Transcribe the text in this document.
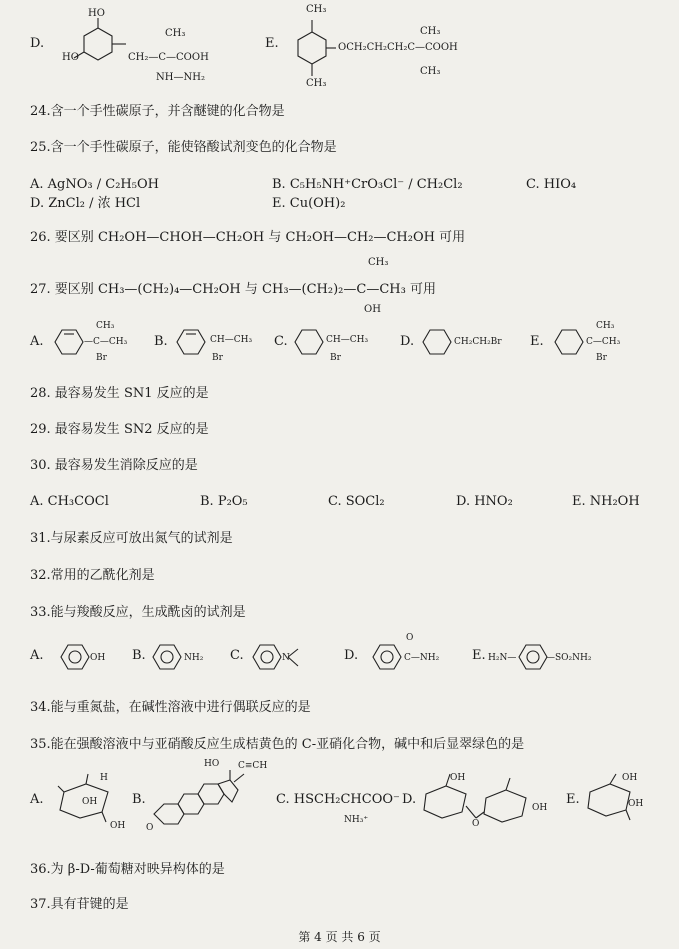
D.
HO
HO
CH₃
CH₂—C—COOH
NH—NH₂
E.
CH₃
CH₃
OCH₂CH₂CH₂C—COOH
CH₃
CH₃
24.含一个手性碳原子，并含醚键的化合物是
25.含一个手性碳原子，能使铬酸试剂变色的化合物是
A. AgNO₃ / C₂H₅OH	B. C₅H₅NH⁺CrO₃Cl⁻ / CH₂Cl₂	C. HIO₄
D. ZnCl₂ / 浓 HCl	E. Cu(OH)₂
26. 要区别 CH₂OH—CHOH—CH₂OH 与 CH₂OH—CH₂—CH₂OH 可用
CH₃
27. 要区别 CH₃—(CH₂)₄—CH₂OH 与 CH₃—(CH₂)₂—C—CH₃ 可用
OH
A.
CH₃
—C—CH₃
Br
B.	CH—CH₃
Br
C.	CH—CH₃
Br
D.	CH₂CH₂Br E.
CH₃
C—CH₃
Br
28. 最容易发生 SN1 反应的是
29. 最容易发生 SN2 反应的是
30. 最容易发生消除反应的是
A. CH₃COCl	B. P₂O₅	C. SOCl₂	D. HNO₂	E. NH₂OH
31.与尿素反应可放出氮气的试剂是
32.常用的乙酰化剂是
33.能与羧酸反应，生成酰卤的试剂是
A.	OH B.	NH₂ C.	N	D.
O
C—NH₂	E. H₂N—	—SO₂NH₂
34.能与重氮盐，在碱性溶液中进行偶联反应的是
35.能在强酸溶液中与亚硝酸反应生成桔黄色的 C-亚硝化合物，碱中和后显翠绿色的是
A.
H
OH
OH
B.
HO C≡CH
O
C. HSCH₂CHCOO⁻
NH₃⁺
D.
OH
OH
O
E.
OH
OH
36.为 β-D-葡萄糖对映异构体的是
37.具有苷键的是
第 4 页 共 6 页
